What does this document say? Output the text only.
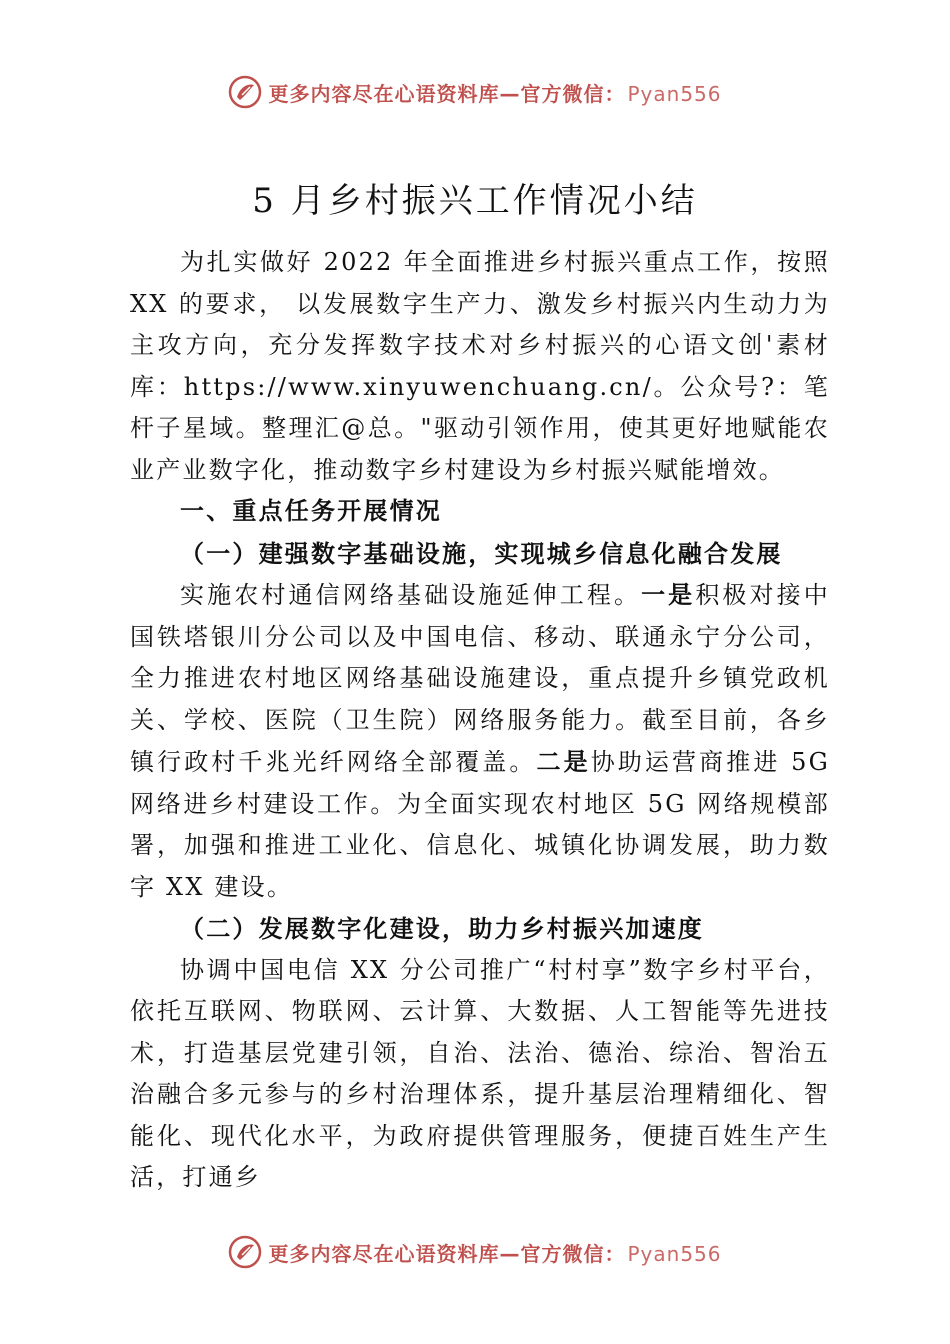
更多内容尽在心语资料库—官方微信： Pyan556
5 月乡村振兴工作情况小结

为扎实做好 2022 年全面推进乡村振兴重点工作，按照 XX 的要求， 以发展数字生产力、激发乡村振兴内生动力为主攻方向，充分发挥数字技术对乡村振兴的心语文创'素材库：https://www.xinyuwenchuang.cn/。公众号?：笔杆子星域。整理汇@总。"驱动引领作用，使其更好地赋能农业产业数字化，推动数字乡村建设为乡村振兴赋能增效。

一、重点任务开展情况

（一）建强数字基础设施，实现城乡信息化融合发展

实施农村通信网络基础设施延伸工程。一是积极对接中国铁塔银川分公司以及中国电信、移动、联通永宁分公司，全力推进农村地区网络基础设施建设，重点提升乡镇党政机关、学校、医院（卫生院）网络服务能力。截至目前，各乡镇行政村千兆光纤网络全部覆盖。二是协助运营商推进 5G 网络进乡村建设工作。为全面实现农村地区 5G 网络规模部署，加强和推进工业化、信息化、城镇化协调发展，助力数字 XX 建设。

（二）发展数字化建设，助力乡村振兴加速度

协调中国电信 XX 分公司推广“村村享”数字乡村平台，依托互联网、物联网、云计算、大数据、人工智能等先进技术，打造基层党建引领，自治、法治、德治、综治、智治五治融合多元参与的乡村治理体系，提升基层治理精细化、智能化、现代化水平，为政府提供管理服务，便捷百姓生产生活，打通乡

更多内容尽在心语资料库—官方微信： Pyan556
